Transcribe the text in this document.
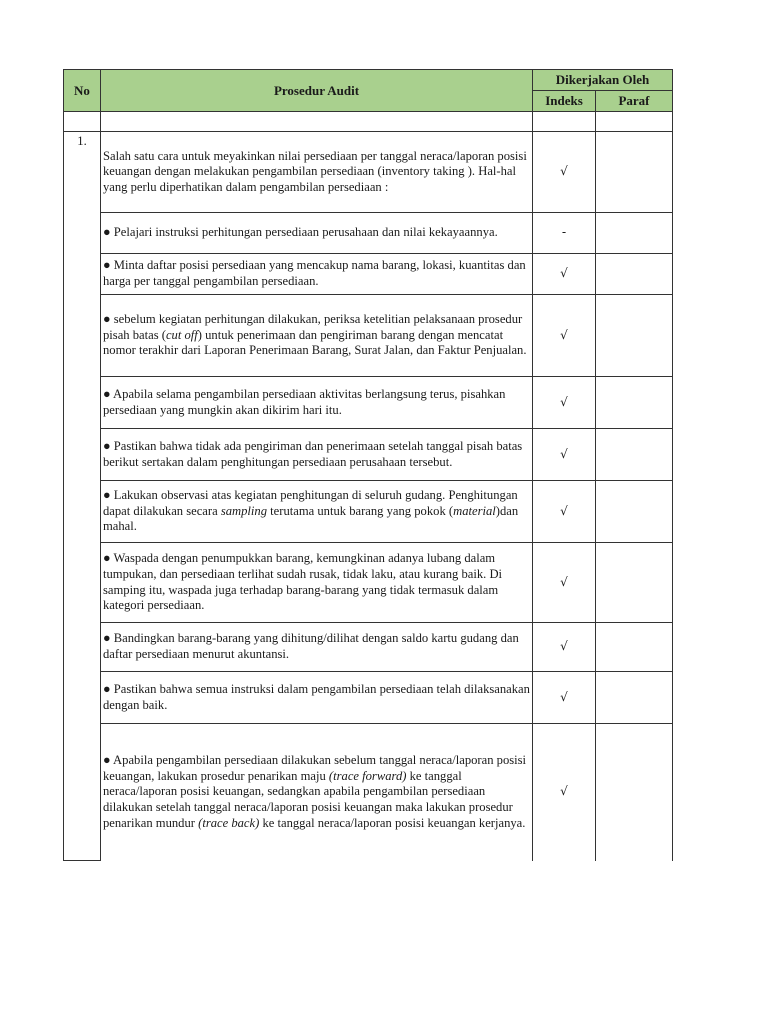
No	Prosedur Audit	Dikerjakan Oleh	
		Indeks	Paraf

1.	Salah satu cara untuk meyakinkan nilai persediaan per tanggal neraca/laporan posisi keuangan dengan melakukan pengambilan persediaan (inventory taking ). Hal-hal yang perlu diperhatikan dalam pengambilan persediaan :	√	
	● Pelajari instruksi perhitungan persediaan perusahaan dan nilai kekayaannya.	-	
	● Minta daftar posisi persediaan yang mencakup nama barang, lokasi, kuantitas dan harga per tanggal pengambilan persediaan.	√	
	● sebelum kegiatan perhitungan dilakukan, periksa ketelitian pelaksanaan prosedur pisah batas (cut off) untuk penerimaan dan pengiriman barang dengan mencatat nomor terakhir dari Laporan Penerimaan Barang, Surat Jalan, dan Faktur Penjualan.	√	
	● Apabila selama pengambilan persediaan aktivitas berlangsung terus, pisahkan persediaan yang mungkin akan dikirim hari itu.	√	
	● Pastikan bahwa tidak ada pengiriman dan penerimaan setelah tanggal pisah batas berikut sertakan dalam penghitungan persediaan perusahaan tersebut.	√	
	● Lakukan observasi atas kegiatan penghitungan di seluruh gudang. Penghitungan dapat dilakukan secara sampling terutama untuk barang yang pokok (material)dan mahal.	√	
	● Waspada dengan penumpukkan barang, kemungkinan adanya lubang dalam tumpukan, dan persediaan terlihat sudah rusak, tidak laku, atau kurang baik. Di samping itu, waspada juga terhadap barang-barang yang tidak termasuk dalam kategori persediaan.	√	
	● Bandingkan barang-barang yang dihitung/dilihat dengan saldo kartu gudang dan daftar persediaan menurut akuntansi.	√	
	● Pastikan bahwa semua instruksi dalam pengambilan persediaan telah dilaksanakan dengan baik.	√	
	● Apabila pengambilan persediaan dilakukan sebelum tanggal neraca/laporan posisi keuangan, lakukan prosedur penarikan maju (trace forward) ke tanggal neraca/laporan posisi keuangan, sedangkan apabila pengambilan persediaan dilakukan setelah tanggal neraca/laporan posisi keuangan maka lakukan prosedur penarikan mundur (trace back) ke tanggal neraca/laporan posisi keuangan kerjanya.	√	
